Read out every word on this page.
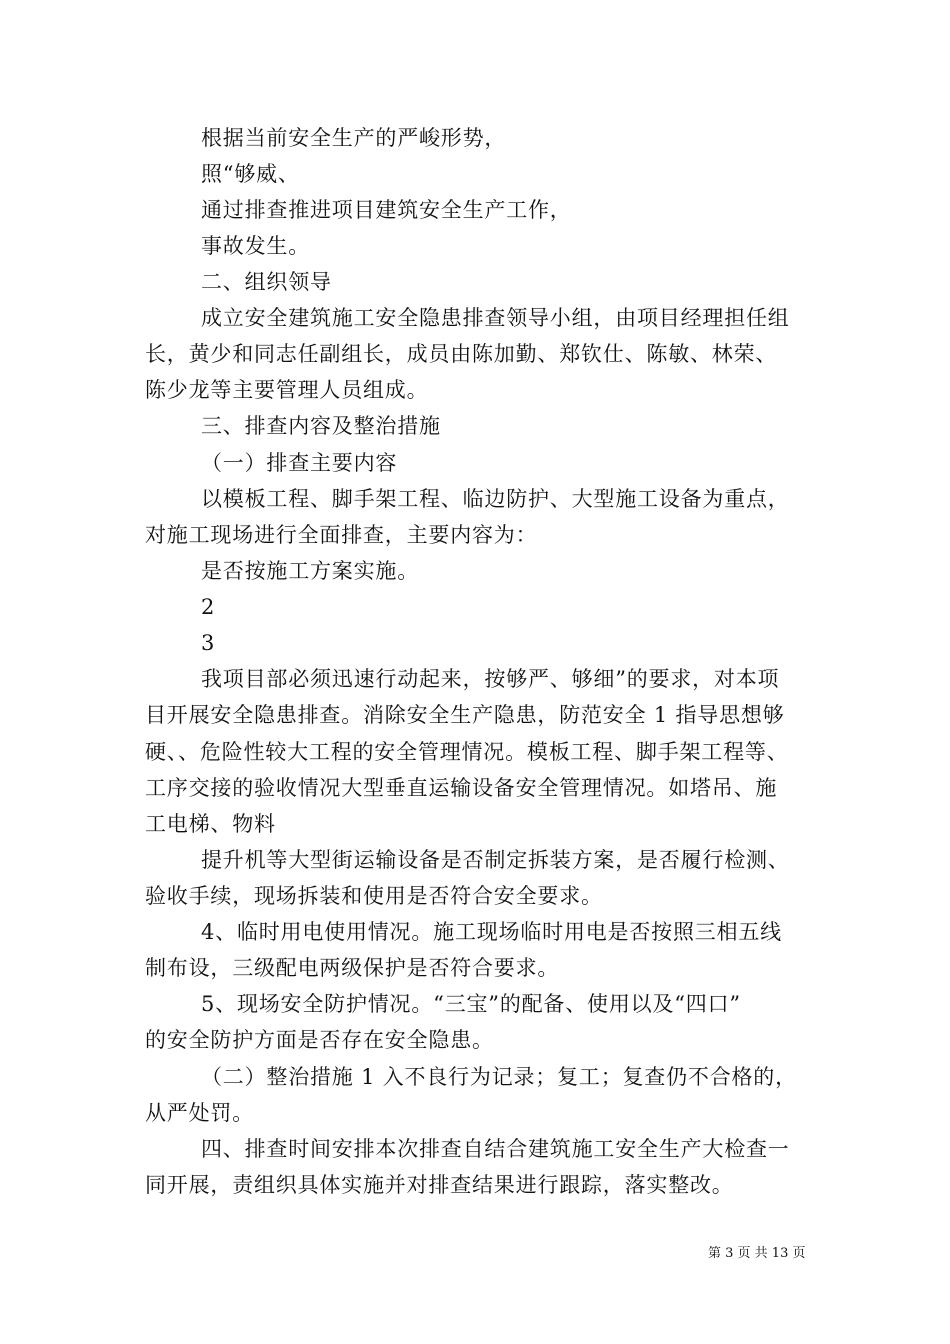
根据当前安全生产的严峻形势，
照“够威、
通过排查推进项目建筑安全生产工作，
事故发生。
二、组织领导
成立安全建筑施工安全隐患排查领导小组，由项目经理担任组
长，黄少和同志任副组长，成员由陈加勤、郑钦仕、陈敏、林荣、
陈少龙等主要管理人员组成。
三、排查内容及整治措施
（一）排查主要内容
以模板工程、脚手架工程、临边防护、大型施工设备为重点，
对施工现场进行全面排查，主要内容为：
是否按施工方案实施。
2
3
我项目部必须迅速行动起来，按够严、够细”的要求，对本项
目开展安全隐患排查。消除安全生产隐患，防范安全 1 指导思想够
硬、、危险性较大工程的安全管理情况。模板工程、脚手架工程等、
工序交接的验收情况大型垂直运输设备安全管理情况。如塔吊、施
工电梯、物料
提升机等大型街运输设备是否制定拆装方案，是否履行检测、
验收手续，现场拆装和使用是否符合安全要求。
4、临时用电使用情况。施工现场临时用电是否按照三相五线
制布设，三级配电两级保护是否符合要求。
5、现场安全防护情况。“三宝”的配备、使用以及“四口”
的安全防护方面是否存在安全隐患。
（二）整治措施 1 入不良行为记录；复工；复查仍不合格的，
从严处罚。
四、排查时间安排本次排查自结合建筑施工安全生产大检查一
同开展，责组织具体实施并对排查结果进行跟踪，落实整改。
第 3 页 共 13 页
